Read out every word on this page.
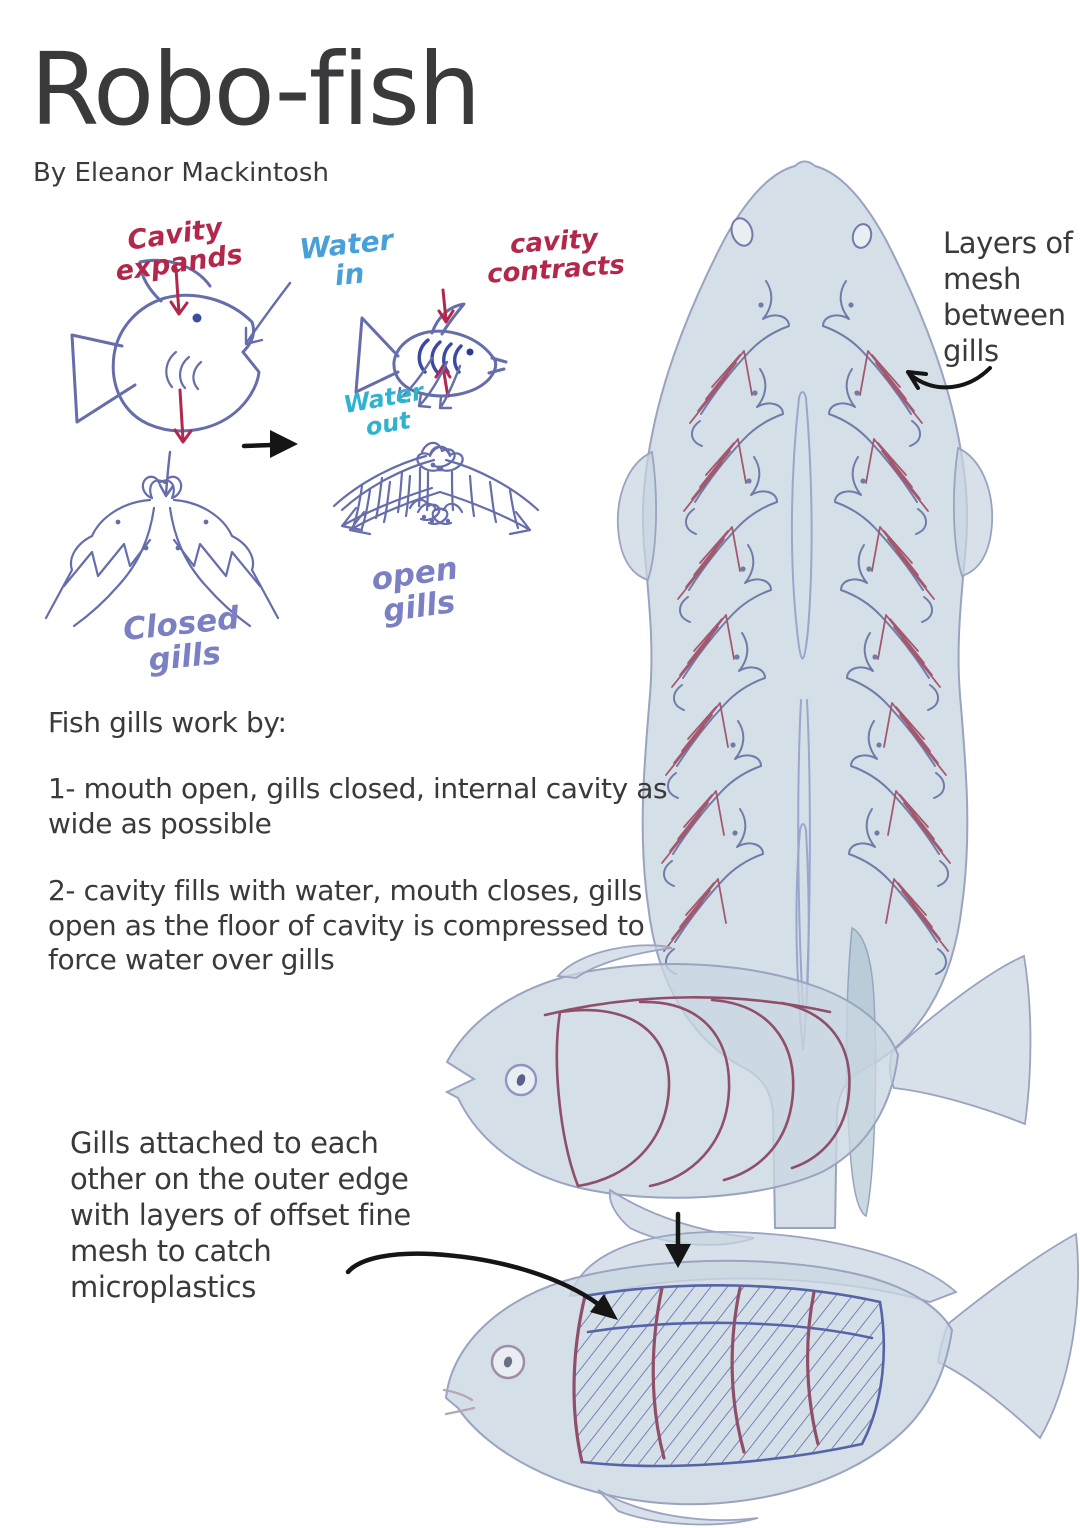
Robo-fish
By Eleanor Mackintosh
Cavity expands	Water in
cavity contracts
Water out
Closed gills
open gills
Layers of mesh between gills
Fish gills work by:
1- mouth open, gills closed, internal cavity as wide as possible
2- cavity fills with water, mouth closes, gills open as the floor of cavity is compressed to force water over gills
Gills attached to each other on the outer edge with layers of offset fine mesh to catch microplastics
